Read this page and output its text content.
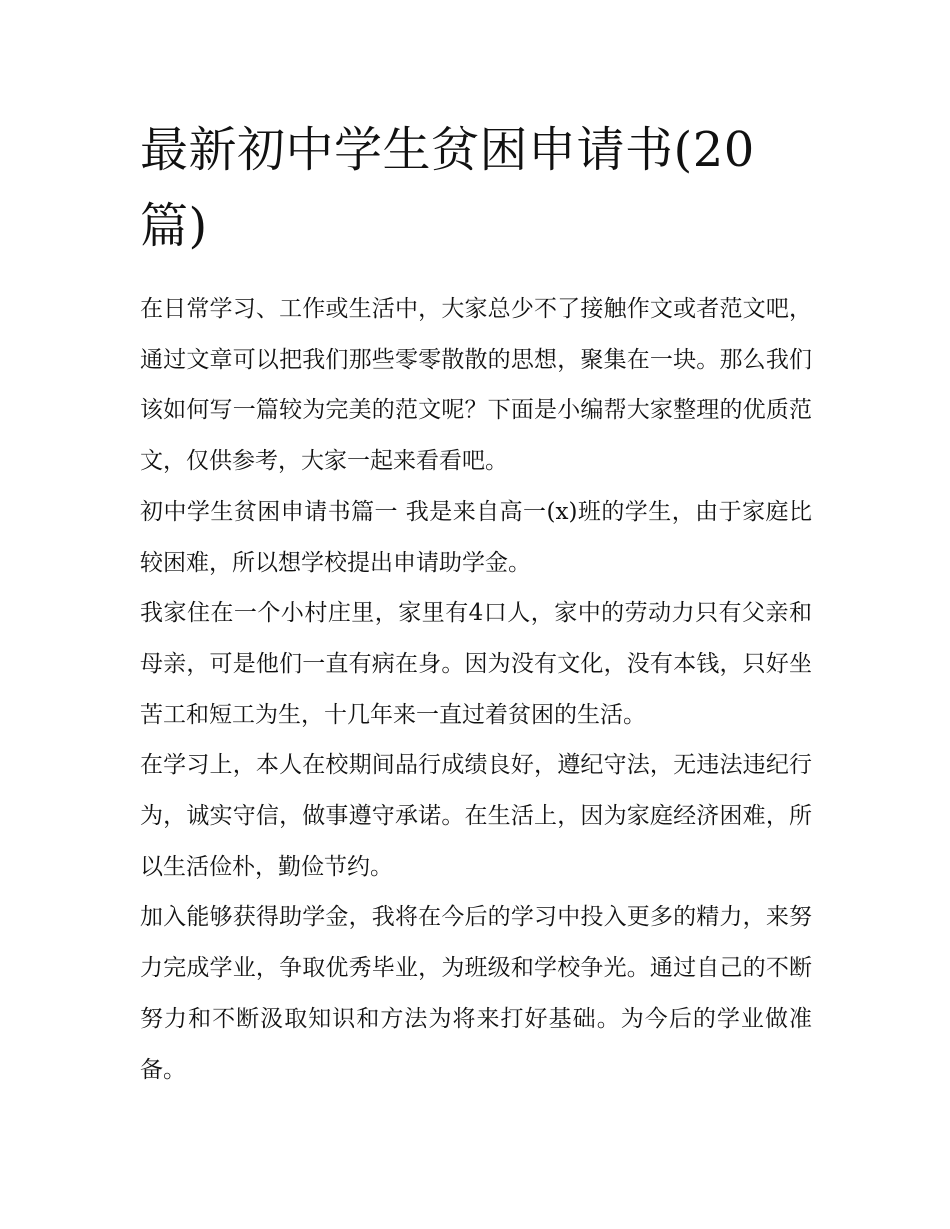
最新初中学生贫困申请书(20篇)

在日常学习、工作或生活中，大家总少不了接触作文或者范文吧，通过文章可以把我们那些零零散散的思想，聚集在一块。那么我们该如何写一篇较为完美的范文呢？下面是小编帮大家整理的优质范文，仅供参考，大家一起来看看吧。

初中学生贫困申请书篇一 我是来自高一(x)班的学生，由于家庭比较困难，所以想学校提出申请助学金。

我家住在一个小村庄里，家里有4口人，家中的劳动力只有父亲和母亲，可是他们一直有病在身。因为没有文化，没有本钱，只好坐苦工和短工为生，十几年来一直过着贫困的生活。

在学习上，本人在校期间品行成绩良好，遵纪守法，无违法违纪行为，诚实守信，做事遵守承诺。在生活上，因为家庭经济困难，所以生活俭朴，勤俭节约。

加入能够获得助学金，我将在今后的学习中投入更多的精力，来努力完成学业，争取优秀毕业，为班级和学校争光。通过自己的不断努力和不断汲取知识和方法为将来打好基础。为今后的学业做准备。
